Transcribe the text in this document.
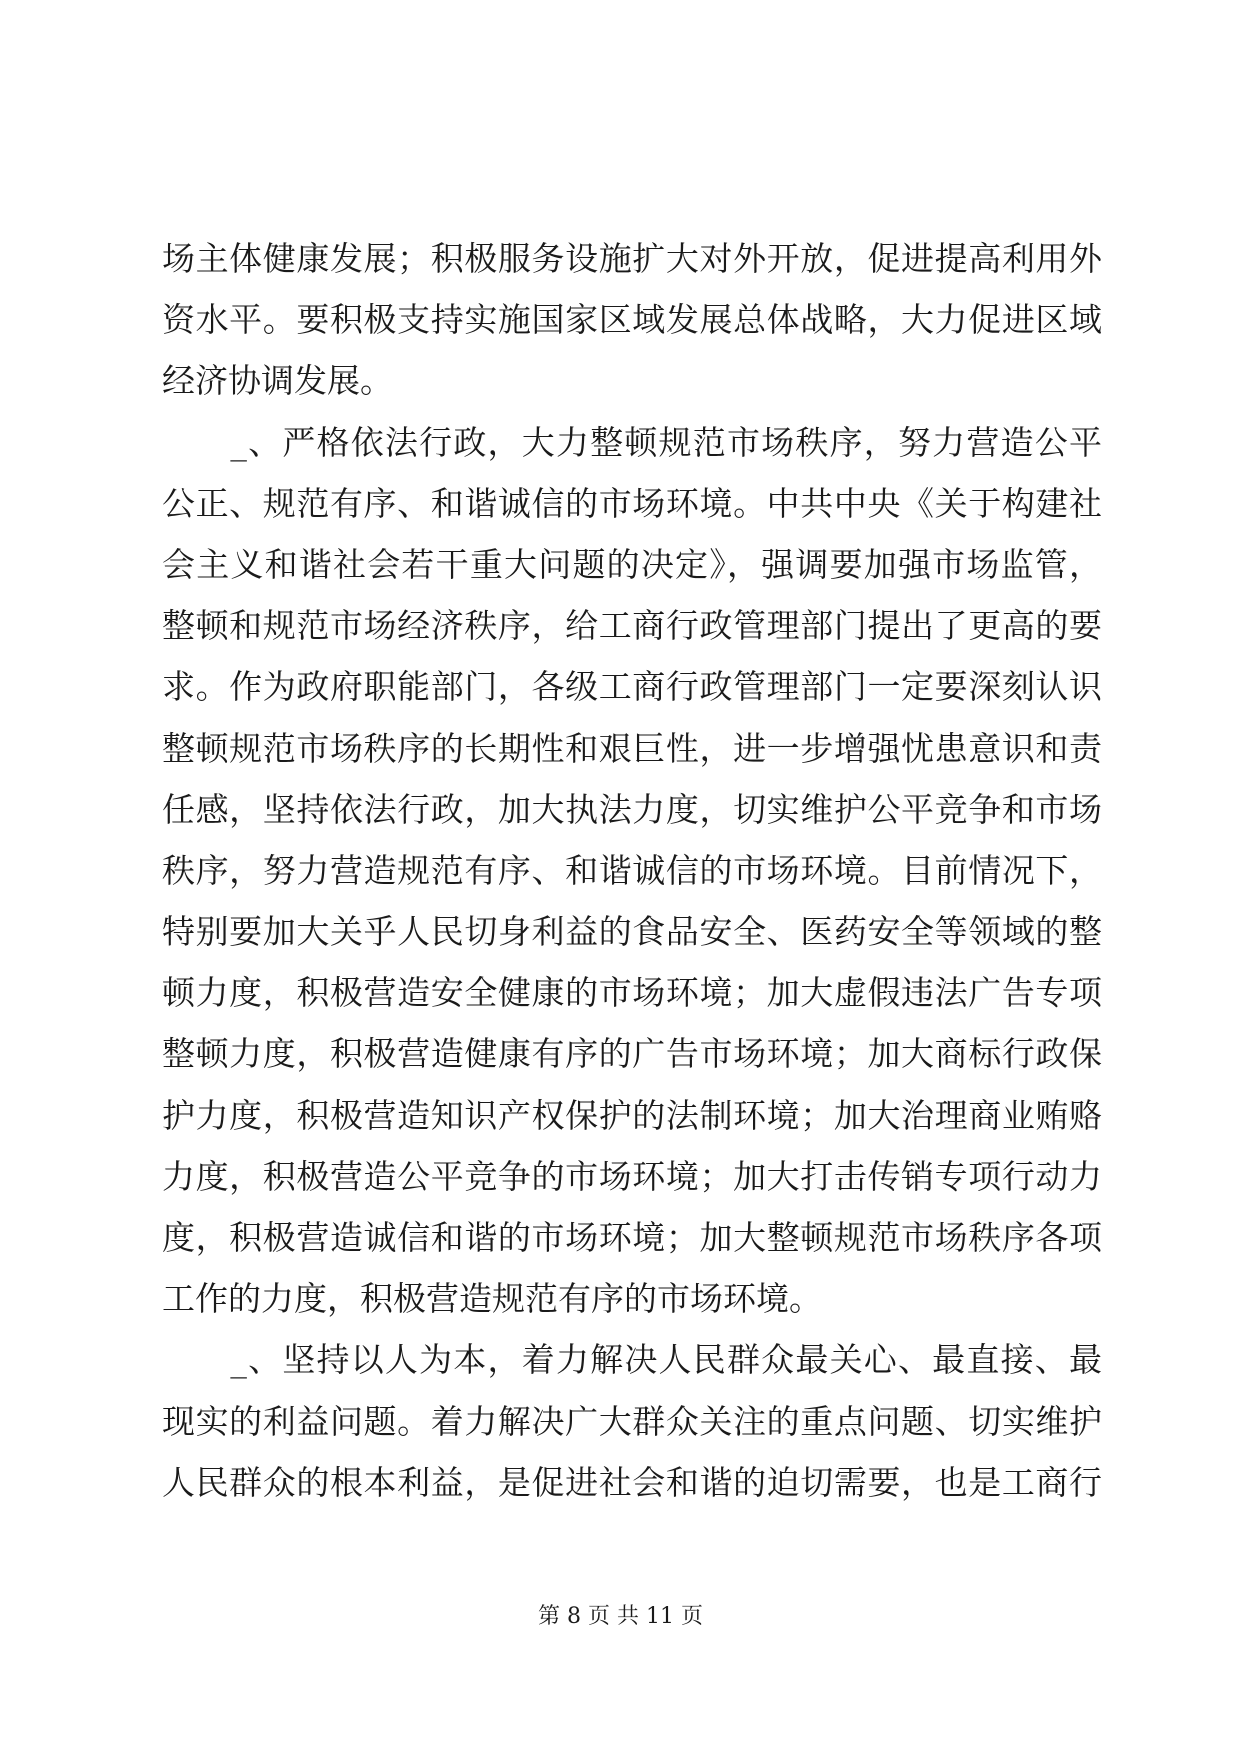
场主体健康发展；积极服务设施扩大对外开放，促进提高利用外
资水平。要积极支持实施国家区域发展总体战略，大力促进区域
经济协调发展。
　　_、严格依法行政，大力整顿规范市场秩序，努力营造公平
公正、规范有序、和谐诚信的市场环境。中共中央《关于构建社
会主义和谐社会若干重大问题的决定》，强调要加强市场监管，
整顿和规范市场经济秩序，给工商行政管理部门提出了更高的要
求。作为政府职能部门，各级工商行政管理部门一定要深刻认识
整顿规范市场秩序的长期性和艰巨性，进一步增强忧患意识和责
任感，坚持依法行政，加大执法力度，切实维护公平竞争和市场
秩序，努力营造规范有序、和谐诚信的市场环境。目前情况下，
特别要加大关乎人民切身利益的食品安全、医药安全等领域的整
顿力度，积极营造安全健康的市场环境；加大虚假违法广告专项
整顿力度，积极营造健康有序的广告市场环境；加大商标行政保
护力度，积极营造知识产权保护的法制环境；加大治理商业贿赂
力度，积极营造公平竞争的市场环境；加大打击传销专项行动力
度，积极营造诚信和谐的市场环境；加大整顿规范市场秩序各项
工作的力度，积极营造规范有序的市场环境。
　　_、坚持以人为本，着力解决人民群众最关心、最直接、最
现实的利益问题。着力解决广大群众关注的重点问题、切实维护
人民群众的根本利益，是促进社会和谐的迫切需要，也是工商行
第 8 页 共 11 页
